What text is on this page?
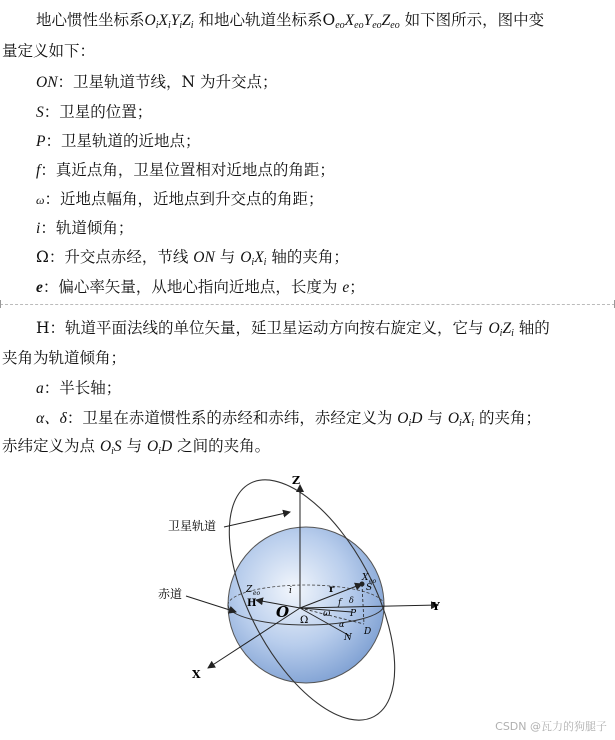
地心惯性坐标系$O_iX_iY_iZ_i$ 和地心轨道坐标系$O_{eo}X_{eo}Y_{eo}Z_{eo}$ 如下图所示，图中变
量定义如下：
ON：卫星轨道节线，N 为升交点；
S：卫星的位置；
P：卫星轨道的近地点；
f：真近点角，卫星位置相对近地点的角距；
ω：近地点幅角，近地点到升交点的角距；
i：轨道倾角；
Ω：升交点赤经，节线 ON 与 $O_iX_i$ 轴的夹角；
e：偏心率矢量，从地心指向近地点，长度为 e；
H：轨道平面法线的单位矢量，延卫星运动方向按右旋定义，它与 $O_iZ_i$ 轴的
夹角为轨道倾角；
a：半长轴；
α、δ：卫星在赤道惯性系的赤经和赤纬，赤经定义为 $O_iD$ 与 $O_iX_i$ 的夹角；
赤纬定义为点 $O_iS$ 与 $O_iD$ 之间的夹角。
卫星轨道
赤道
Z
Y
X
O
H
Z eo
X eo
S
r
i
δ
P
f
ω
Ω
N
D
α
CSDN @瓦力的狗腿子
